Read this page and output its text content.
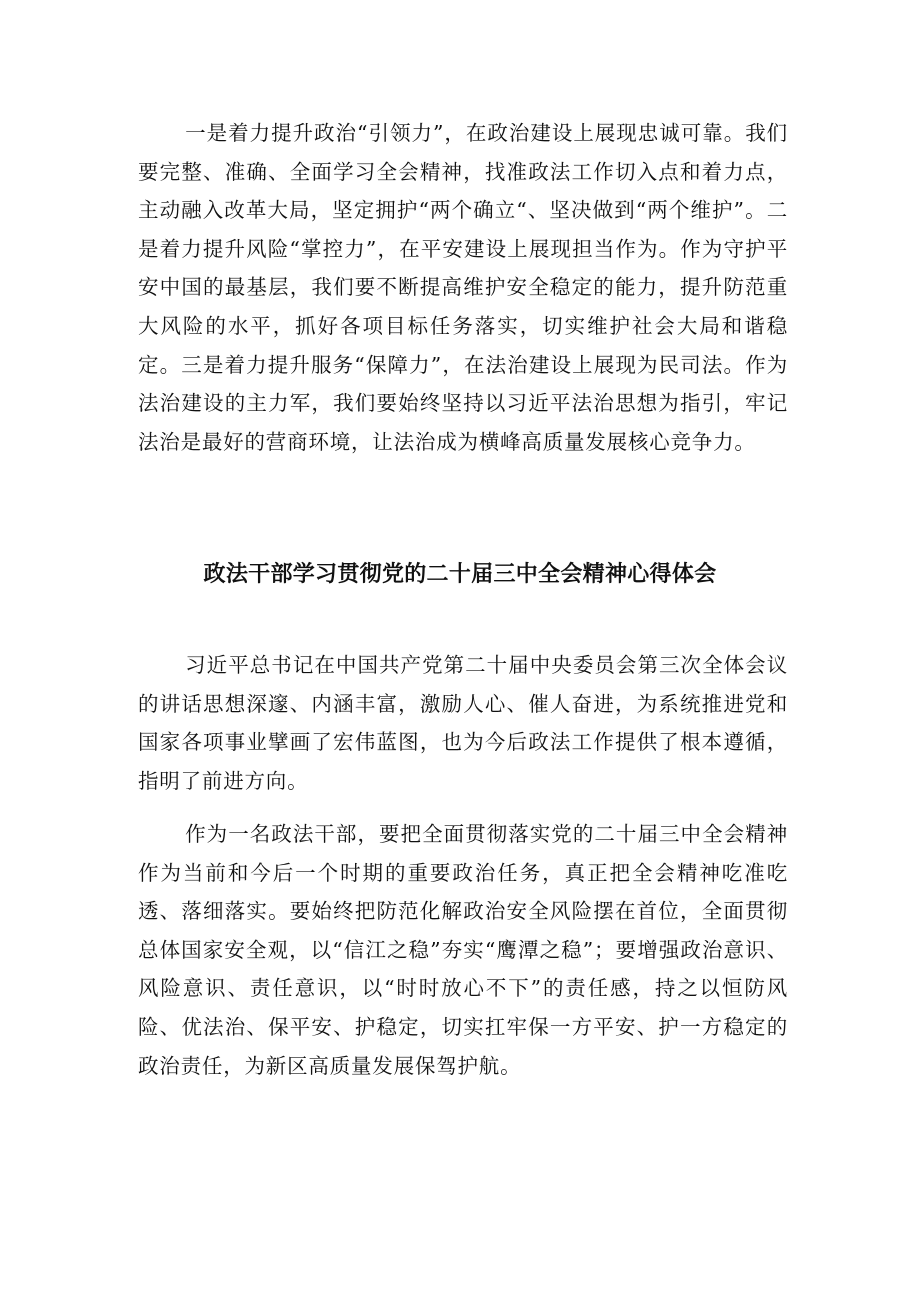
一是着力提升政治“引领力”，在政治建设上展现忠诚可靠。我们要完整、准确、全面学习全会精神，找准政法工作切入点和着力点，主动融入改革大局，坚定拥护“两个确立“、坚决做到“两个维护”。二是着力提升风险“掌控力”，在平安建设上展现担当作为。作为守护平安中国的最基层，我们要不断提高维护安全稳定的能力，提升防范重大风险的水平，抓好各项目标任务落实，切实维护社会大局和谐稳定。三是着力提升服务“保障力”，在法治建设上展现为民司法。作为法治建设的主力军，我们要始终坚持以习近平法治思想为指引，牢记法治是最好的营商环境，让法治成为横峰高质量发展核心竞争力。

政法干部学习贯彻党的二十届三中全会精神心得体会

习近平总书记在中国共产党第二十届中央委员会第三次全体会议的讲话思想深邃、内涵丰富，激励人心、催人奋进，为系统推进党和国家各项事业擘画了宏伟蓝图，也为今后政法工作提供了根本遵循，指明了前进方向。

作为一名政法干部，要把全面贯彻落实党的二十届三中全会精神作为当前和今后一个时期的重要政治任务，真正把全会精神吃准吃透、落细落实。要始终把防范化解政治安全风险摆在首位，全面贯彻总体国家安全观，以“信江之稳”夯实“鹰潭之稳”；要增强政治意识、风险意识、责任意识，以“时时放心不下”的责任感，持之以恒防风险、优法治、保平安、护稳定，切实扛牢保一方平安、护一方稳定的政治责任，为新区高质量发展保驾护航。
